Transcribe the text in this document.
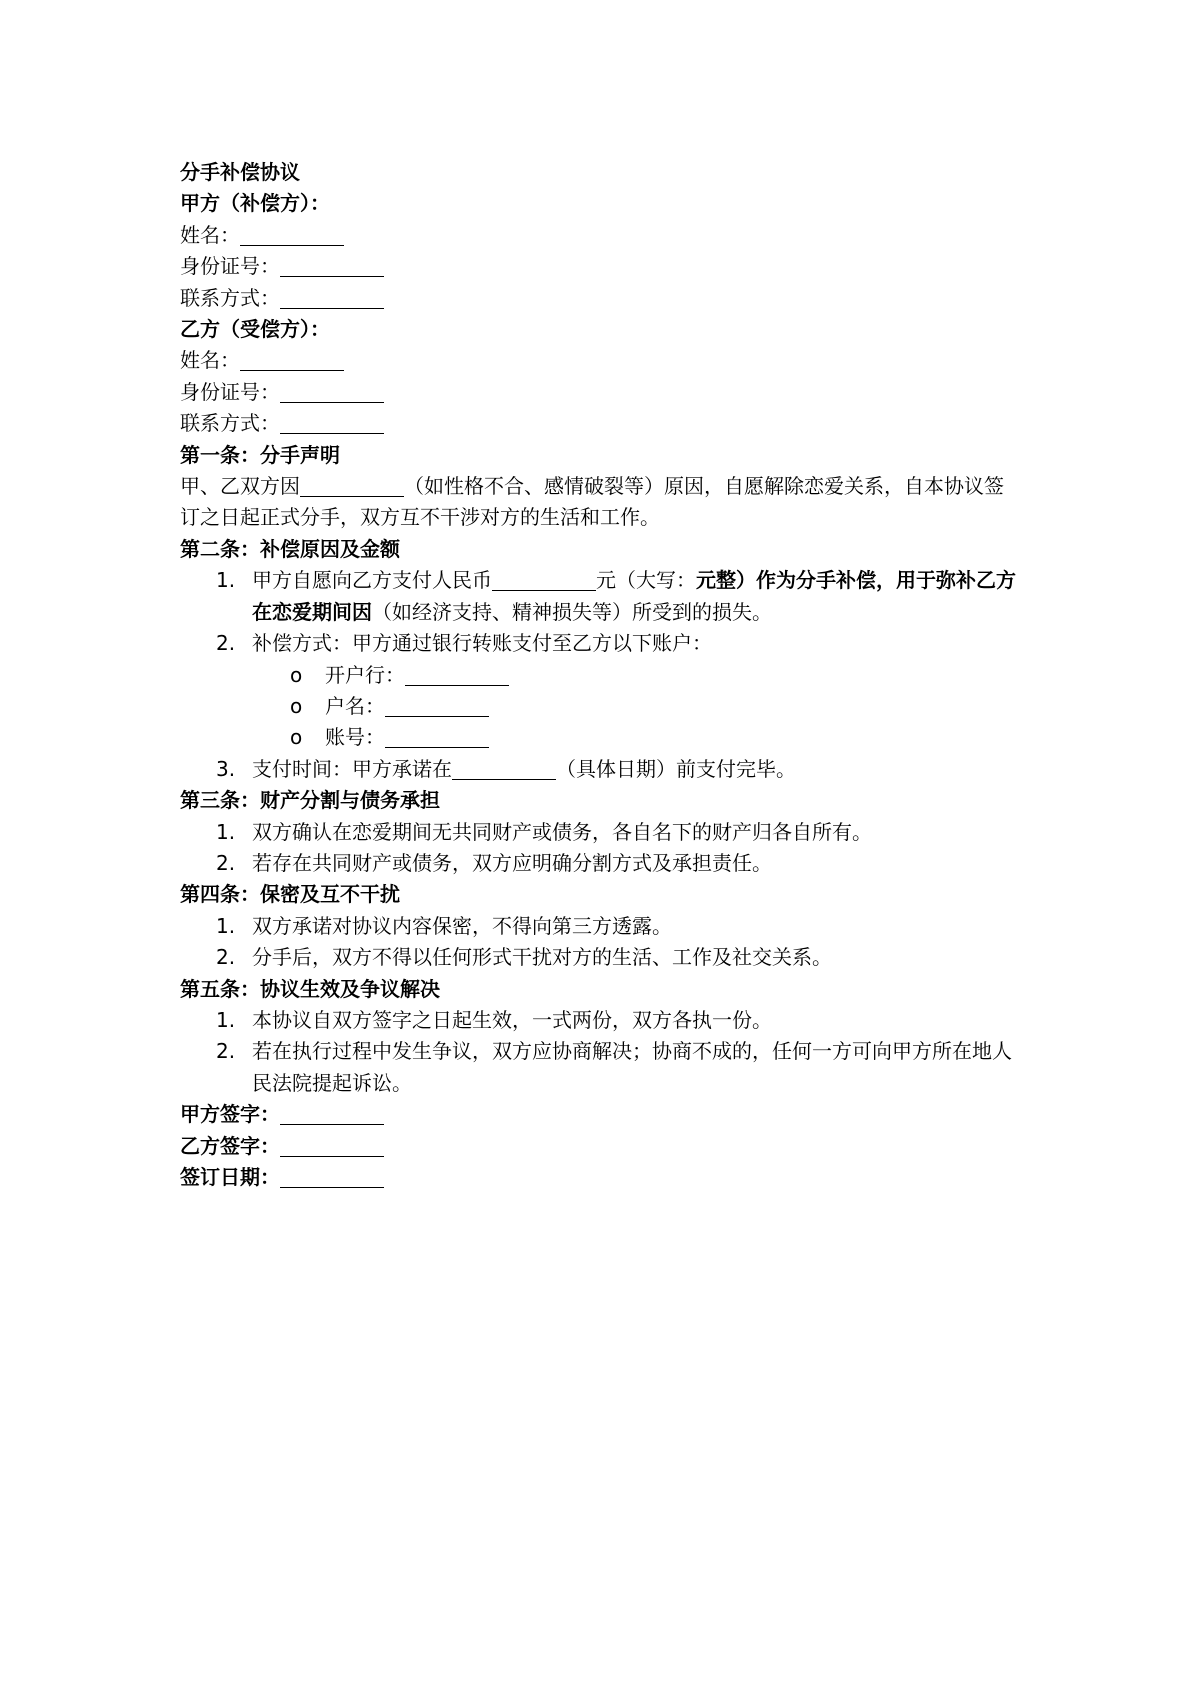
分手补偿协议
甲方（补偿方）：
姓名：
身份证号：
联系方式：
乙方（受偿方）：
姓名：
身份证号：
联系方式：
第一条：分手声明
甲、乙双方因	（如性格不合、感情破裂等）原因，自愿解除恋爱关系，自本协议签订之日起正式分手，双方互不干涉对方的生活和工作。
第二条：补偿原因及金额
1. 甲方自愿向乙方支付人民币	元（大写：元整）作为分手补偿，用于弥补乙方在恋爱期间因（如经济支持、精神损失等）所受到的损失。
2. 补偿方式：甲方通过银行转账支付至乙方以下账户：
o 开户行：
o 户名：
o 账号：
3. 支付时间：甲方承诺在	（具体日期）前支付完毕。
第三条：财产分割与债务承担
1. 双方确认在恋爱期间无共同财产或债务，各自名下的财产归各自所有。
2. 若存在共同财产或债务，双方应明确分割方式及承担责任。
第四条：保密及互不干扰
1. 双方承诺对协议内容保密，不得向第三方透露。
2. 分手后，双方不得以任何形式干扰对方的生活、工作及社交关系。
第五条：协议生效及争议解决
1. 本协议自双方签字之日起生效，一式两份，双方各执一份。
2. 若在执行过程中发生争议，双方应协商解决；协商不成的，任何一方可向甲方所在地人民法院提起诉讼。
甲方签字：
乙方签字：
签订日期：
